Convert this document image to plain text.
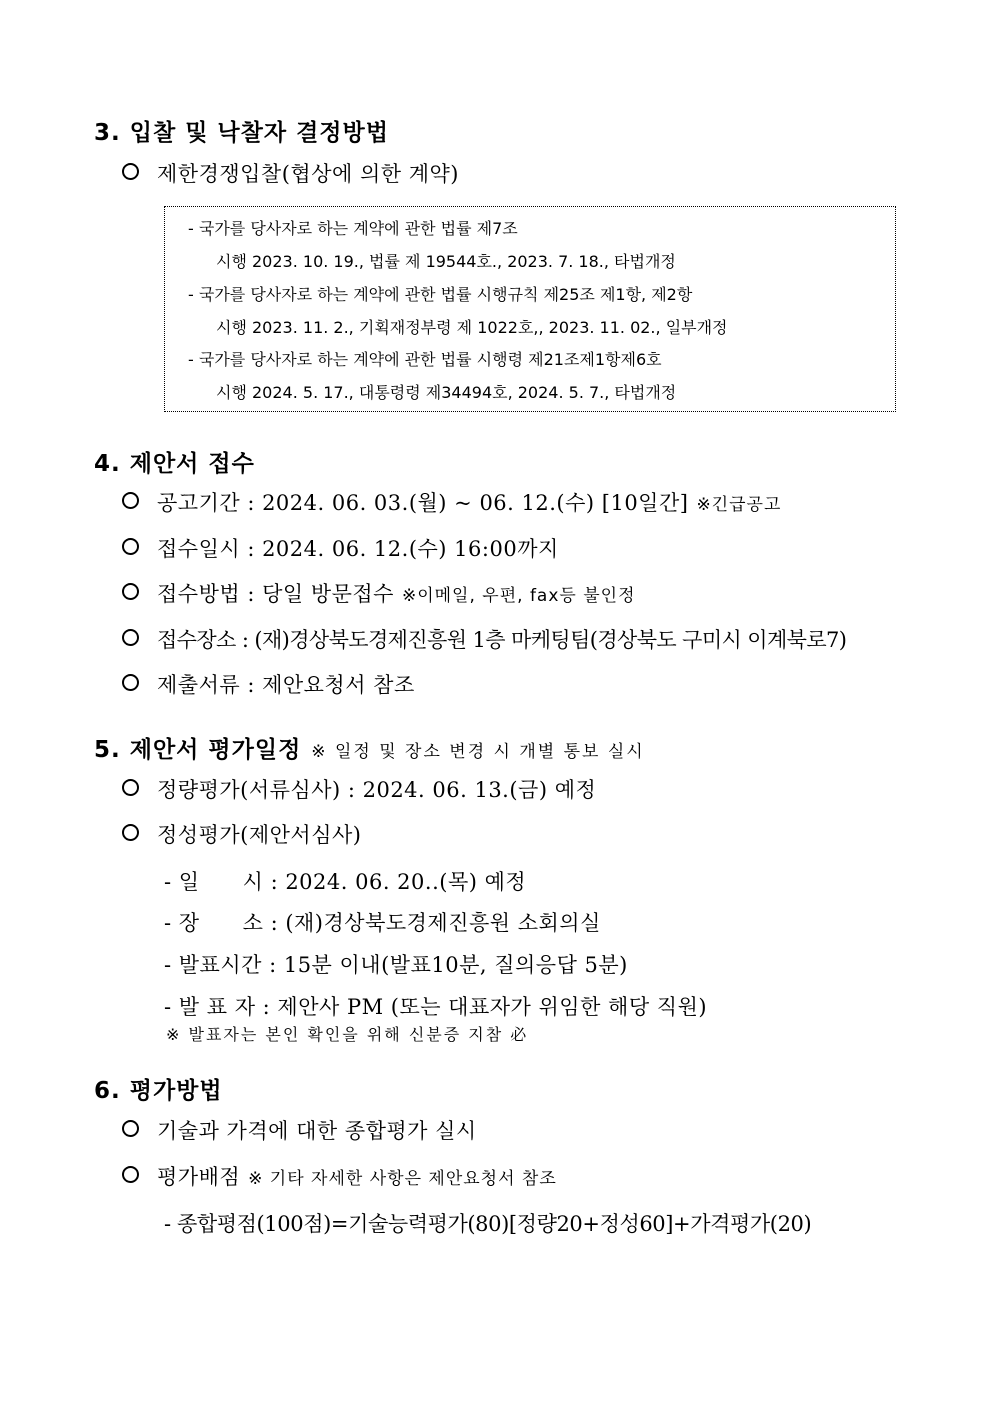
3. 입찰 및 낙찰자 결정방법
제한경쟁입찰(협상에 의한 계약)
- 국가를 당사자로 하는 계약에 관한 법률 제7조
시행 2023. 10. 19., 법률 제 19544호., 2023. 7. 18., 타법개정
- 국가를 당사자로 하는 계약에 관한 법률 시행규칙 제25조 제1항, 제2항
시행 2023. 11. 2., 기획재정부령 제 1022호,, 2023. 11. 02., 일부개정
- 국가를 당사자로 하는 계약에 관한 법률 시행령 제21조제1항제6호
시행 2024. 5. 17., 대통령령 제34494호, 2024. 5. 7., 타법개정
4. 제안서 접수
공고기간 : 2024. 06. 03.(월) ~ 06. 12.(수) [10일간] ※긴급공고
접수일시 : 2024. 06. 12.(수) 16:00까지
접수방법 : 당일 방문접수 ※이메일, 우편, fax등 불인정
접수장소 : (재)경상북도경제진흥원 1층 마케팅팀(경상북도 구미시 이계북로7)
제출서류 : 제안요청서 참조
5. 제안서 평가일정 ※ 일정 및 장소 변경 시 개별 통보 실시
정량평가(서류심사) : 2024. 06. 13.(금) 예정
정성평가(제안서심사)
- 일      시 : 2024. 06. 20..(목) 예정
- 장      소 : (재)경상북도경제진흥원 소회의실
- 발표시간 : 15분 이내(발표10분, 질의응답 5분)
- 발 표 자 : 제안사 PM (또는 대표자가 위임한 해당 직원)
※ 발표자는 본인 확인을 위해 신분증 지참 必
6. 평가방법
기술과 가격에 대한 종합평가 실시
평가배점 ※ 기타 자세한 사항은 제안요청서 참조
- 종합평점(100점)=기술능력평가(80)[정량20+정성60]+가격평가(20)
